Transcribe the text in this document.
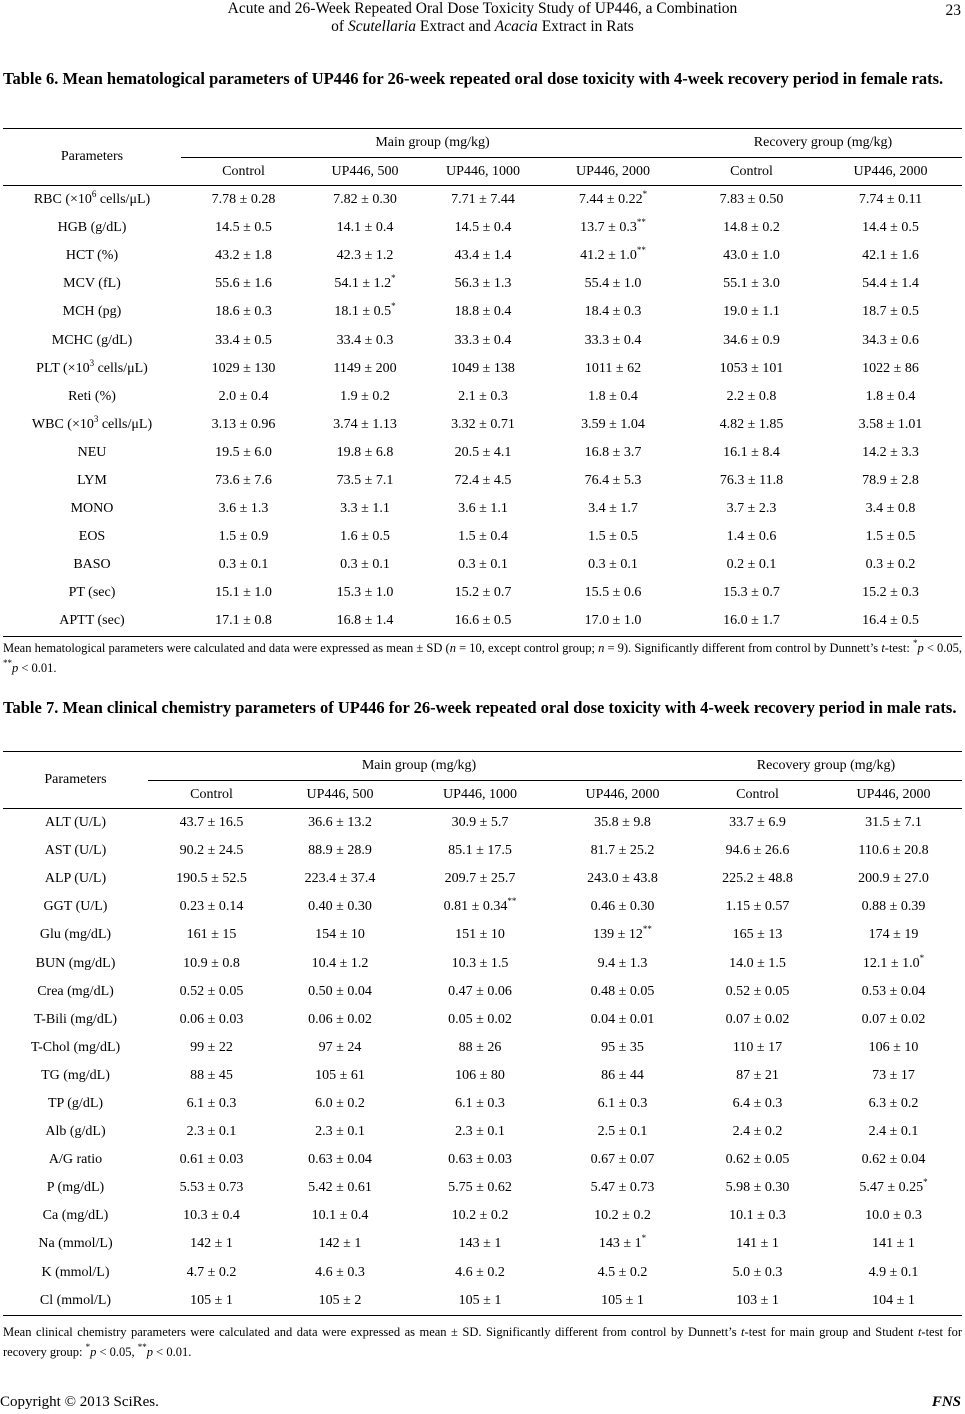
Acute and 26-Week Repeated Oral Dose Toxicity Study of UP446, a Combination
of Scutellaria Extract and Acacia Extract in Rats
23
Table 6. Mean hematological parameters of UP446 for 26-week repeated oral dose toxicity with 4-week recovery period in female rats.
Parameters	Main group (mg/kg)				Recovery group (mg/kg)	
	Control	UP446, 500	UP446, 1000	UP446, 2000	Control	UP446, 2000
RBC ($\times 10^6$ cells/μL)	7.78 ± 0.28	7.82 ± 0.30	7.71 ± 7.44	7.44 ± 0.22*	7.83 ± 0.50	7.74 ± 0.11
HGB (g/dL)	14.5 ± 0.5	14.1 ± 0.4	14.5 ± 0.4	13.7 ± 0.3**	14.8 ± 0.2	14.4 ± 0.5
HCT (%)	43.2 ± 1.8	42.3 ± 1.2	43.4 ± 1.4	41.2 ± 1.0**	43.0 ± 1.0	42.1 ± 1.6
MCV (fL)	55.6 ± 1.6	54.1 ± 1.2*	56.3 ± 1.3	55.4 ± 1.0	55.1 ± 3.0	54.4 ± 1.4
MCH (pg)	18.6 ± 0.3	18.1 ± 0.5*	18.8 ± 0.4	18.4 ± 0.3	19.0 ± 1.1	18.7 ± 0.5
MCHC (g/dL)	33.4 ± 0.5	33.4 ± 0.3	33.3 ± 0.4	33.3 ± 0.4	34.6 ± 0.9	34.3 ± 0.6
PLT ($\times 10^3$ cells/μL)	1029 ± 130	1149 ± 200	1049 ± 138	1011 ± 62	1053 ± 101	1022 ± 86
Reti (%)	2.0 ± 0.4	1.9 ± 0.2	2.1 ± 0.3	1.8 ± 0.4	2.2 ± 0.8	1.8 ± 0.4
WBC ($\times 10^3$ cells/μL)	3.13 ± 0.96	3.74 ± 1.13	3.32 ± 0.71	3.59 ± 1.04	4.82 ± 1.85	3.58 ± 1.01
NEU	19.5 ± 6.0	19.8 ± 6.8	20.5 ± 4.1	16.8 ± 3.7	16.1 ± 8.4	14.2 ± 3.3
LYM	73.6 ± 7.6	73.5 ± 7.1	72.4 ± 4.5	76.4 ± 5.3	76.3 ± 11.8	78.9 ± 2.8
MONO	3.6 ± 1.3	3.3 ± 1.1	3.6 ± 1.1	3.4 ± 1.7	3.7 ± 2.3	3.4 ± 0.8
EOS	1.5 ± 0.9	1.6 ± 0.5	1.5 ± 0.4	1.5 ± 0.5	1.4 ± 0.6	1.5 ± 0.5
BASO	0.3 ± 0.1	0.3 ± 0.1	0.3 ± 0.1	0.3 ± 0.1	0.2 ± 0.1	0.3 ± 0.2
PT (sec)	15.1 ± 1.0	15.3 ± 1.0	15.2 ± 0.7	15.5 ± 0.6	15.3 ± 0.7	15.2 ± 0.3
APTT (sec)	17.1 ± 0.8	16.8 ± 1.4	16.6 ± 0.5	17.0 ± 1.0	16.0 ± 1.7	16.4 ± 0.5
Mean hematological parameters were calculated and data were expressed as mean ± SD (n = 10, except control group; n = 9). Significantly different from control by Dunnett’s t-test: *p < 0.05, **p < 0.01.
Table 7. Mean clinical chemistry parameters of UP446 for 26-week repeated oral dose toxicity with 4-week recovery period in male rats.
Parameters	Main group (mg/kg)				Recovery group (mg/kg)	
	Control	UP446, 500	UP446, 1000	UP446, 2000	Control	UP446, 2000
ALT (U/L)	43.7 ± 16.5	36.6 ± 13.2	30.9 ± 5.7	35.8 ± 9.8	33.7 ± 6.9	31.5 ± 7.1
AST (U/L)	90.2 ± 24.5	88.9 ± 28.9	85.1 ± 17.5	81.7 ± 25.2	94.6 ± 26.6	110.6 ± 20.8
ALP (U/L)	190.5 ± 52.5	223.4 ± 37.4	209.7 ± 25.7	243.0 ± 43.8	225.2 ± 48.8	200.9 ± 27.0
GGT (U/L)	0.23 ± 0.14	0.40 ± 0.30	0.81 ± 0.34**	0.46 ± 0.30	1.15 ± 0.57	0.88 ± 0.39
Glu (mg/dL)	161 ± 15	154 ± 10	151 ± 10	139 ± 12**	165 ± 13	174 ± 19
BUN (mg/dL)	10.9 ± 0.8	10.4 ± 1.2	10.3 ± 1.5	9.4 ± 1.3	14.0 ± 1.5	12.1 ± 1.0*
Crea (mg/dL)	0.52 ± 0.05	0.50 ± 0.04	0.47 ± 0.06	0.48 ± 0.05	0.52 ± 0.05	0.53 ± 0.04
T-Bili (mg/dL)	0.06 ± 0.03	0.06 ± 0.02	0.05 ± 0.02	0.04 ± 0.01	0.07 ± 0.02	0.07 ± 0.02
T-Chol (mg/dL)	99 ± 22	97 ± 24	88 ± 26	95 ± 35	110 ± 17	106 ± 10
TG (mg/dL)	88 ± 45	105 ± 61	106 ± 80	86 ± 44	87 ± 21	73 ± 17
TP (g/dL)	6.1 ± 0.3	6.0 ± 0.2	6.1 ± 0.3	6.1 ± 0.3	6.4 ± 0.3	6.3 ± 0.2
Alb (g/dL)	2.3 ± 0.1	2.3 ± 0.1	2.3 ± 0.1	2.5 ± 0.1	2.4 ± 0.2	2.4 ± 0.1
A/G ratio	0.61 ± 0.03	0.63 ± 0.04	0.63 ± 0.03	0.67 ± 0.07	0.62 ± 0.05	0.62 ± 0.04
P (mg/dL)	5.53 ± 0.73	5.42 ± 0.61	5.75 ± 0.62	5.47 ± 0.73	5.98 ± 0.30	5.47 ± 0.25*
Ca (mg/dL)	10.3 ± 0.4	10.1 ± 0.4	10.2 ± 0.2	10.2 ± 0.2	10.1 ± 0.3	10.0 ± 0.3
Na (mmol/L)	142 ± 1	142 ± 1	143 ± 1	143 ± 1*	141 ± 1	141 ± 1
K (mmol/L)	4.7 ± 0.2	4.6 ± 0.3	4.6 ± 0.2	4.5 ± 0.2	5.0 ± 0.3	4.9 ± 0.1
Cl (mmol/L)	105 ± 1	105 ± 2	105 ± 1	105 ± 1	103 ± 1	104 ± 1
Mean clinical chemistry parameters were calculated and data were expressed as mean ± SD. Significantly different from control by Dunnett’s t-test for main group and Student t-test for recovery group: *p < 0.05, **p < 0.01.
Copyright © 2013 SciRes.	FNS
